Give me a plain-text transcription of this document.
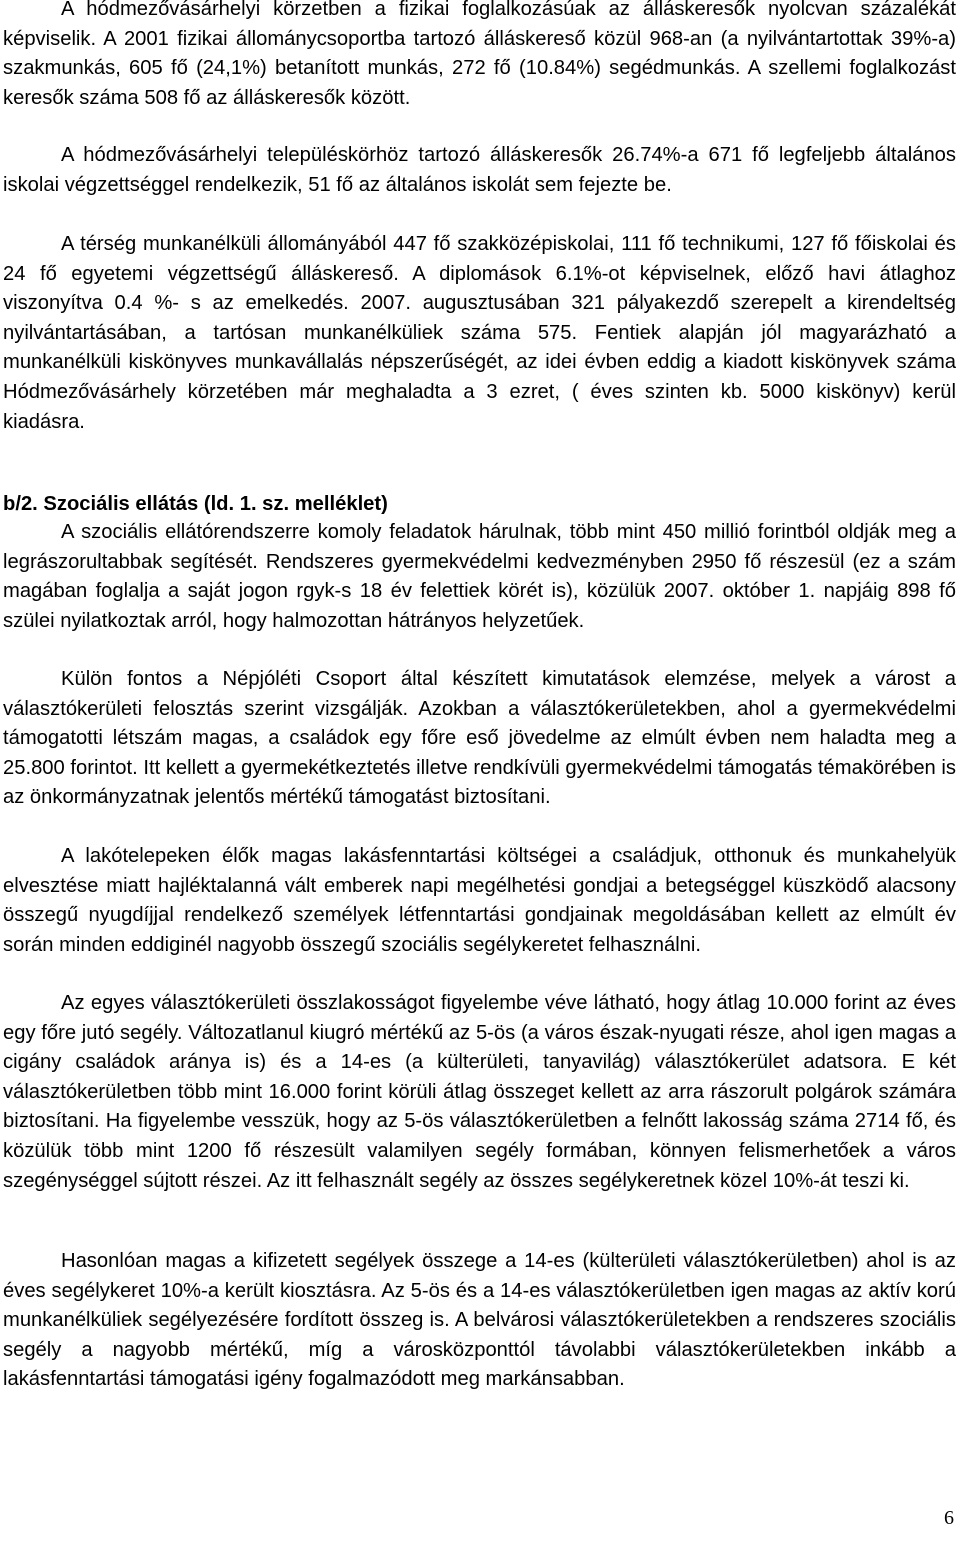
A hódmezővásárhelyi körzetben a fizikai foglalkozásúak az álláskeresők nyolcvan százalékát képviselik. A 2001 fizikai állománycsoportba tartozó álláskereső közül 968-an (a nyilvántartottak 39%-a) szakmunkás, 605 fő (24,1%) betanított munkás, 272 fő (10.84%) segédmunkás. A szellemi foglalkozást keresők száma 508 fő az álláskeresők között.

A hódmezővásárhelyi településkörhöz tartozó álláskeresők 26.74%-a 671 fő legfeljebb általános iskolai végzettséggel rendelkezik, 51 fő az általános iskolát sem fejezte be.

A térség munkanélküli állományából 447 fő szakközépiskolai, 111 fő technikumi, 127 fő főiskolai és 24 fő egyetemi végzettségű álláskereső. A diplomások 6.1%-ot képviselnek, előző havi átlaghoz viszonyítva 0.4 %- s az emelkedés. 2007. augusztusában 321 pályakezdő szerepelt a kirendeltség nyilvántartásában, a tartósan munkanélküliek száma 575. Fentiek alapján jól magyarázható a munkanélküli kiskönyves munkavállalás népszerűségét, az idei évben eddig a kiadott kiskönyvek száma Hódmezővásárhely körzetében már meghaladta a 3 ezret, ( éves szinten kb. 5000 kiskönyv) kerül kiadásra.

b/2. Szociális ellátás (ld. 1. sz. melléklet)

A szociális ellátórendszerre komoly feladatok hárulnak, több mint 450 millió forintból oldják meg a legrászorultabbak segítését. Rendszeres gyermekvédelmi kedvezményben 2950 fő részesül (ez a szám magában foglalja a saját jogon rgyk-s 18 év felettiek körét is), közülük 2007. október 1. napjáig 898 fő szülei nyilatkoztak arról, hogy halmozottan hátrányos helyzetűek.

Külön fontos a Népjóléti Csoport által készített kimutatások elemzése, melyek a várost a választókerületi felosztás szerint vizsgálják. Azokban a választókerületekben, ahol a gyermekvédelmi támogatotti létszám magas, a családok egy főre eső jövedelme az elmúlt évben nem haladta meg a 25.800 forintot. Itt kellett a gyermekétkeztetés illetve rendkívüli gyermekvédelmi támogatás témakörében is az önkormányzatnak jelentős mértékű támogatást biztosítani.

A lakótelepeken élők magas lakásfenntartási költségei a családjuk, otthonuk és munkahelyük elvesztése miatt hajléktalanná vált emberek napi megélhetési gondjai a betegséggel küszködő alacsony összegű nyugdíjjal rendelkező személyek létfenntartási gondjainak megoldásában kellett az elmúlt év során minden eddiginél nagyobb összegű szociális segélykeretet felhasználni.

Az egyes választókerületi összlakosságot figyelembe véve látható, hogy átlag 10.000 forint az éves egy főre jutó segély. Változatlanul kiugró mértékű az 5-ös (a város észak-nyugati része, ahol igen magas a cigány családok aránya is) és a 14-es (a külterületi, tanyavilág) választókerület adatsora. E két választókerületben több mint 16.000 forint körüli átlag összeget kellett az arra rászorult polgárok számára biztosítani. Ha figyelembe vesszük, hogy az 5-ös választókerületben a felnőtt lakosság száma 2714 fő, és közülük több mint 1200 fő részesült valamilyen segély formában, könnyen felismerhetőek a város szegénységgel sújtott részei. Az itt felhasznált segély az összes segélykeretnek közel 10%-át teszi ki.

Hasonlóan magas a kifizetett segélyek összege a 14-es (külterületi választókerületben) ahol is az éves segélykeret 10%-a került kiosztásra. Az 5-ös és a 14-es választókerületben igen magas az aktív korú munkanélküliek segélyezésére fordított összeg is. A belvárosi választókerületekben a rendszeres szociális segély a nagyobb mértékű, míg a városközponttól távolabbi választókerületekben inkább a lakásfenntartási támogatási igény fogalmazódott meg markánsabban.

6
